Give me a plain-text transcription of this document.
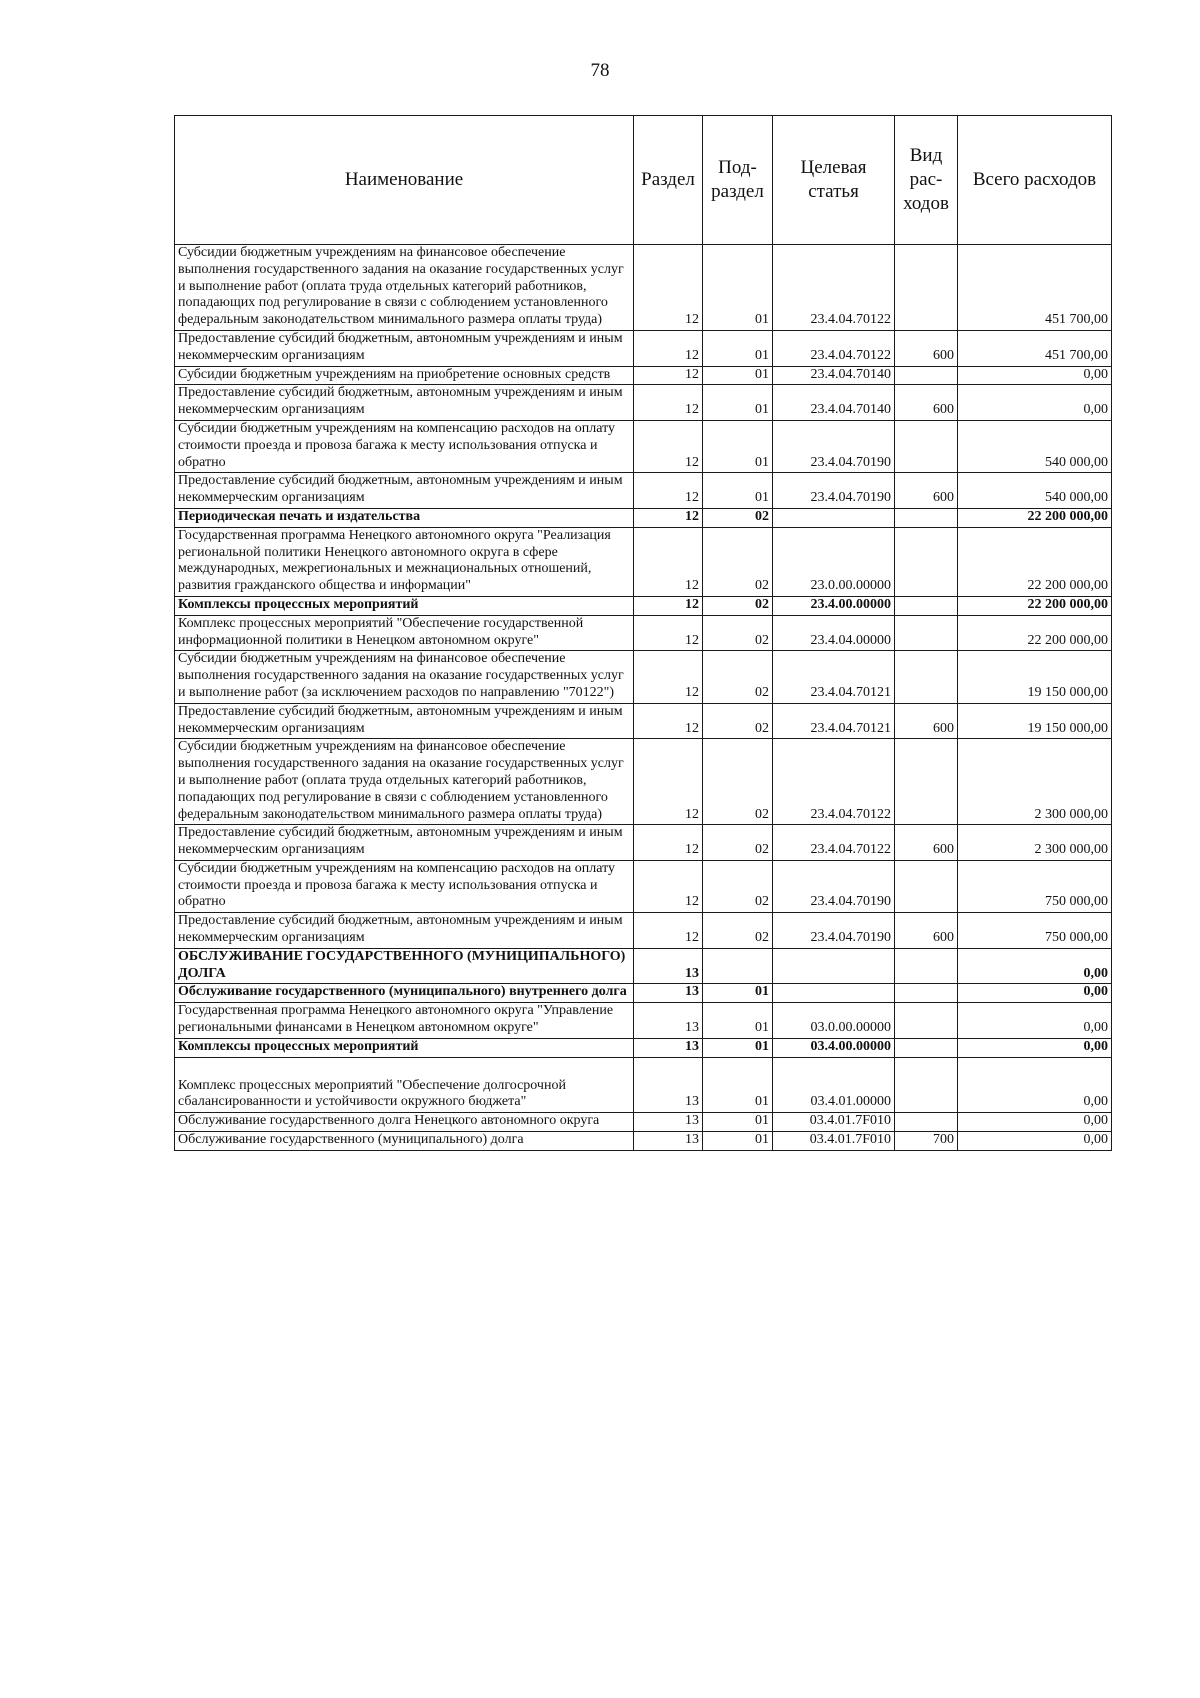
78
Наименование	Раздел	Под- раздел	Целевая статья	Вид рас- ходов	Всего расходов
Субсидии бюджетным учреждениям на финансовое обеспечение выполнения государственного задания на оказание государственных услуг и выполнение работ (оплата труда отдельных категорий работников, попадающих под регулирование в связи с соблюдением установленного федеральным законодательством минимального размера оплаты труда)	12	01	23.4.04.70122		451 700,00
Предоставление субсидий бюджетным, автономным учреждениям и иным некоммерческим организациям	12	01	23.4.04.70122	600	451 700,00
Субсидии бюджетным учреждениям на приобретение основных средств	12	01	23.4.04.70140		0,00
Предоставление субсидий бюджетным, автономным учреждениям и иным некоммерческим организациям	12	01	23.4.04.70140	600	0,00
Субсидии бюджетным учреждениям на компенсацию расходов на оплату стоимости проезда и провоза багажа к месту использования отпуска и обратно	12	01	23.4.04.70190		540 000,00
Предоставление субсидий бюджетным, автономным учреждениям и иным некоммерческим организациям	12	01	23.4.04.70190	600	540 000,00
Периодическая печать и издательства	12	02			22 200 000,00
Государственная программа Ненецкого автономного округа "Реализация региональной политики Ненецкого автономного округа в сфере международных, межрегиональных и межнациональных отношений, развития гражданского общества и информации"	12	02	23.0.00.00000		22 200 000,00
Комплексы процессных мероприятий	12	02	23.4.00.00000		22 200 000,00
Комплекс процессных мероприятий "Обеспечение государственной информационной политики в Ненецком автономном округе"	12	02	23.4.04.00000		22 200 000,00
Субсидии бюджетным учреждениям на финансовое обеспечение выполнения государственного задания на оказание государственных услуг и выполнение работ (за исключением расходов по направлению "70122")	12	02	23.4.04.70121		19 150 000,00
Предоставление субсидий бюджетным, автономным учреждениям и иным некоммерческим организациям	12	02	23.4.04.70121	600	19 150 000,00
Субсидии бюджетным учреждениям на финансовое обеспечение выполнения государственного задания на оказание государственных услуг и выполнение работ (оплата труда отдельных категорий работников, попадающих под регулирование в связи с соблюдением установленного федеральным законодательством минимального размера оплаты труда)	12	02	23.4.04.70122		2 300 000,00
Предоставление субсидий бюджетным, автономным учреждениям и иным некоммерческим организациям	12	02	23.4.04.70122	600	2 300 000,00
Субсидии бюджетным учреждениям на компенсацию расходов на оплату стоимости проезда и провоза багажа к месту использования отпуска и обратно	12	02	23.4.04.70190		750 000,00
Предоставление субсидий бюджетным, автономным учреждениям и иным некоммерческим организациям	12	02	23.4.04.70190	600	750 000,00
ОБСЛУЖИВАНИЕ ГОСУДАРСТВЕННОГО (МУНИЦИПАЛЬНОГО) ДОЛГА	13				0,00
Обслуживание государственного (муниципального) внутреннего долга	13	01			0,00
Государственная программа Ненецкого автономного округа "Управление региональными финансами в Ненецком автономном округе"	13	01	03.0.00.00000		0,00
Комплексы процессных мероприятий	13	01	03.4.00.00000		0,00
Комплекс процессных мероприятий "Обеспечение долгосрочной сбалансированности и устойчивости окружного бюджета"	13	01	03.4.01.00000		0,00
Обслуживание государственного долга Ненецкого автономного округа	13	01	03.4.01.7F010		0,00
Обслуживание государственного (муниципального) долга	13	01	03.4.01.7F010	700	0,00
